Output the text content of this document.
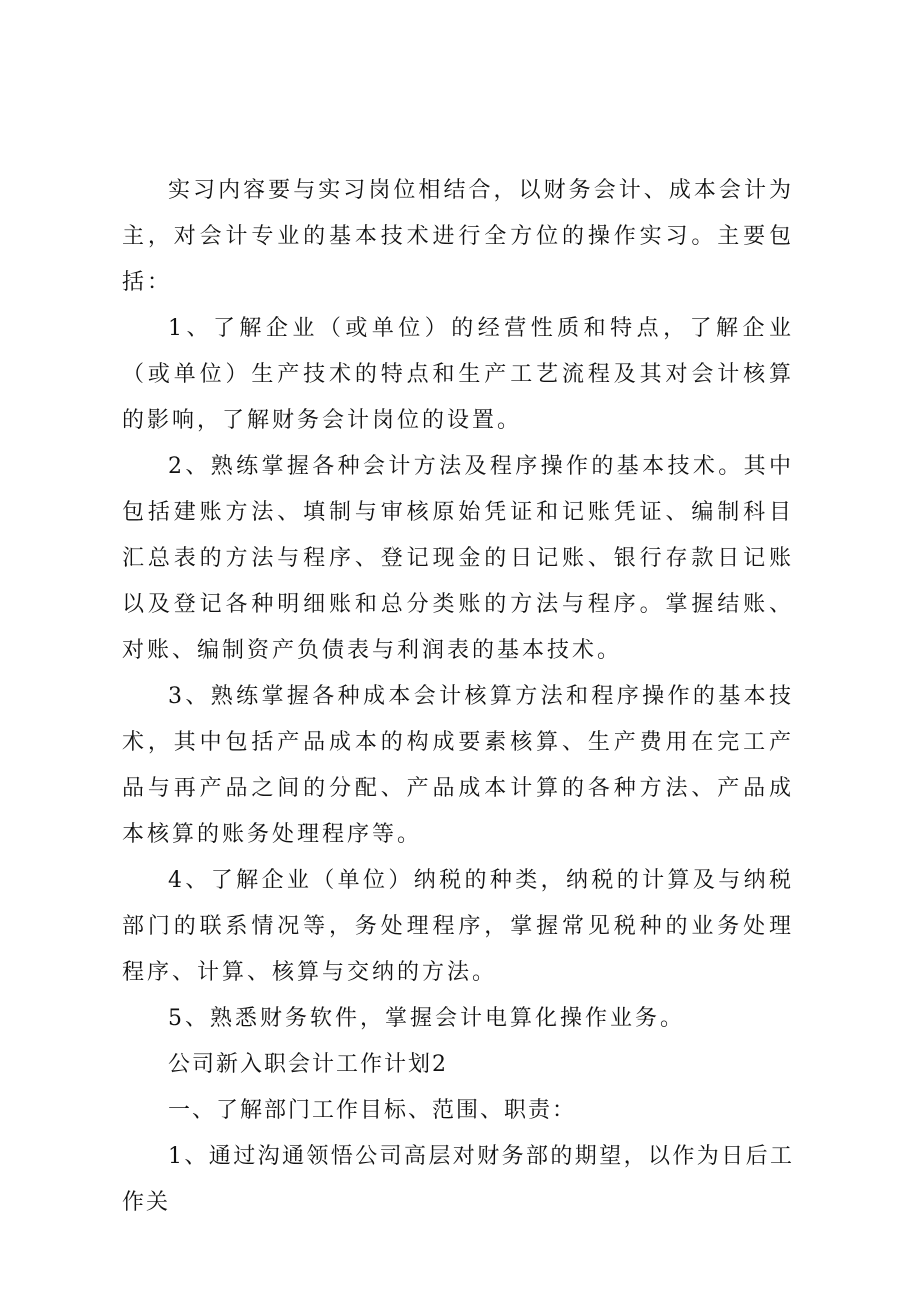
实习内容要与实习岗位相结合，以财务会计、成本会计为主，对会计专业的基本技术进行全方位的操作实习。主要包括：

1、了解企业（或单位）的经营性质和特点，了解企业（或单位）生产技术的特点和生产工艺流程及其对会计核算的影响，了解财务会计岗位的设置。

2、熟练掌握各种会计方法及程序操作的基本技术。其中包括建账方法、填制与审核原始凭证和记账凭证、编制科目汇总表的方法与程序、登记现金的日记账、银行存款日记账以及登记各种明细账和总分类账的方法与程序。掌握结账、对账、编制资产负债表与利润表的基本技术。

3、熟练掌握各种成本会计核算方法和程序操作的基本技术，其中包括产品成本的构成要素核算、生产费用在完工产品与再产品之间的分配、产品成本计算的各种方法、产品成本核算的账务处理程序等。

4、了解企业（单位）纳税的种类，纳税的计算及与纳税部门的联系情况等，务处理程序，掌握常见税种的业务处理程序、计算、核算与交纳的方法。

5、熟悉财务软件，掌握会计电算化操作业务。

公司新入职会计工作计划2

一、了解部门工作目标、范围、职责：

1、通过沟通领悟公司高层对财务部的期望，以作为日后工作关
